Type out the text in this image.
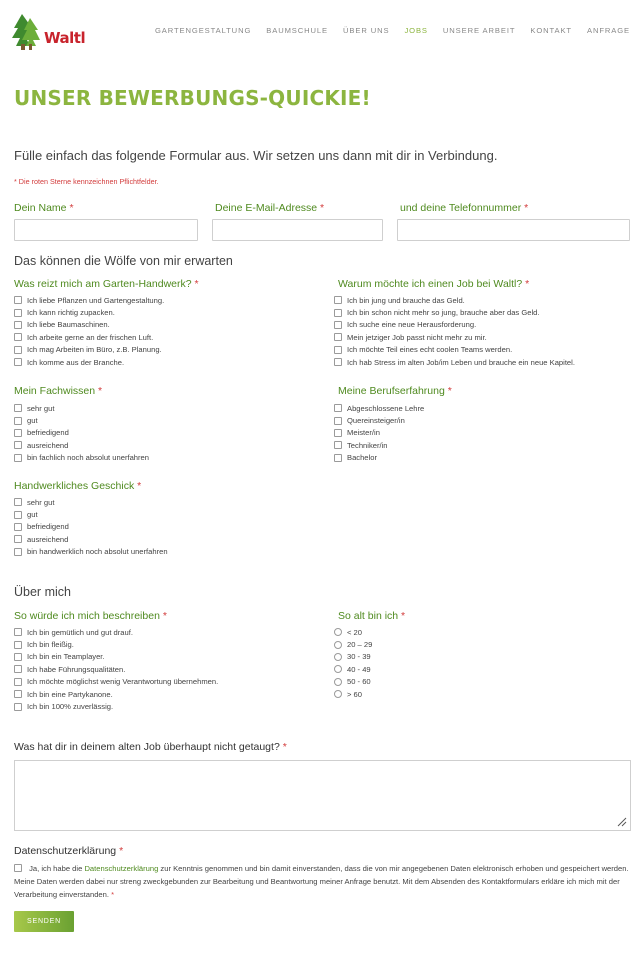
Waltl	GARTENGESTALTUNG BAUMSCHULE ÜBER UNS JOBS UNSERE ARBEIT KONTAKT ANFRAGE
UNSER BEWERBUNGS-QUICKIE!
Fülle einfach das folgende Formular aus. Wir setzen uns dann mit dir in Verbindung.
* Die roten Sterne kennzeichnen Pflichtfelder.
Dein Name *	Deine E-Mail-Adresse *	und deine Telefonnummer *
Das können die Wölfe von mir erwarten
Was reizt mich am Garten-Handwerk? *
Ich liebe Pflanzen und Gartengestaltung.
Ich kann richtig zupacken.
Ich liebe Baumaschinen.
Ich arbeite gerne an der frischen Luft.
Ich mag Arbeiten im Büro, z.B. Planung.
Ich komme aus der Branche.
Warum möchte ich einen Job bei Waltl? *
Ich bin jung und brauche das Geld.
Ich bin schon nicht mehr so jung, brauche aber das Geld.
Ich suche eine neue Herausforderung.
Mein jetziger Job passt nicht mehr zu mir.
Ich möchte Teil eines echt coolen Teams werden.
Ich hab Stress im alten Job/im Leben und brauche ein neue Kapitel.
Mein Fachwissen *
sehr gut
gut
befriedigend
ausreichend
bin fachlich noch absolut unerfahren
Meine Berufserfahrung *
Abgeschlossene Lehre
Quereinsteiger/in
Meister/in
Techniker/in
Bachelor
Handwerkliches Geschick *
sehr gut
gut
befriedigend
ausreichend
bin handwerklich noch absolut unerfahren
Über mich
So würde ich mich beschreiben *
Ich bin gemütlich und gut drauf.
Ich bin fleißig.
Ich bin ein Teamplayer.
Ich habe Führungsqualitäten.
Ich möchte möglichst wenig Verantwortung übernehmen.
Ich bin eine Partykanone.
Ich bin 100% zuverlässig.
So alt bin ich *
< 20
20 – 29
30 - 39
40 - 49
50 - 60
> 60
Was hat dir in deinem alten Job überhaupt nicht getaugt? *
Datenschutzerklärung *
Ja, ich habe die Datenschutzerklärung zur Kenntnis genommen und bin damit einverstanden, dass die von mir angegebenen Daten elektronisch erhoben und gespeichert werden. Meine Daten werden dabei nur streng zweckgebunden zur Bearbeitung und Beantwortung meiner Anfrage benutzt. Mit dem Absenden des Kontaktformulars erkläre ich mich mit der Verarbeitung einverstanden. *
SENDEN
